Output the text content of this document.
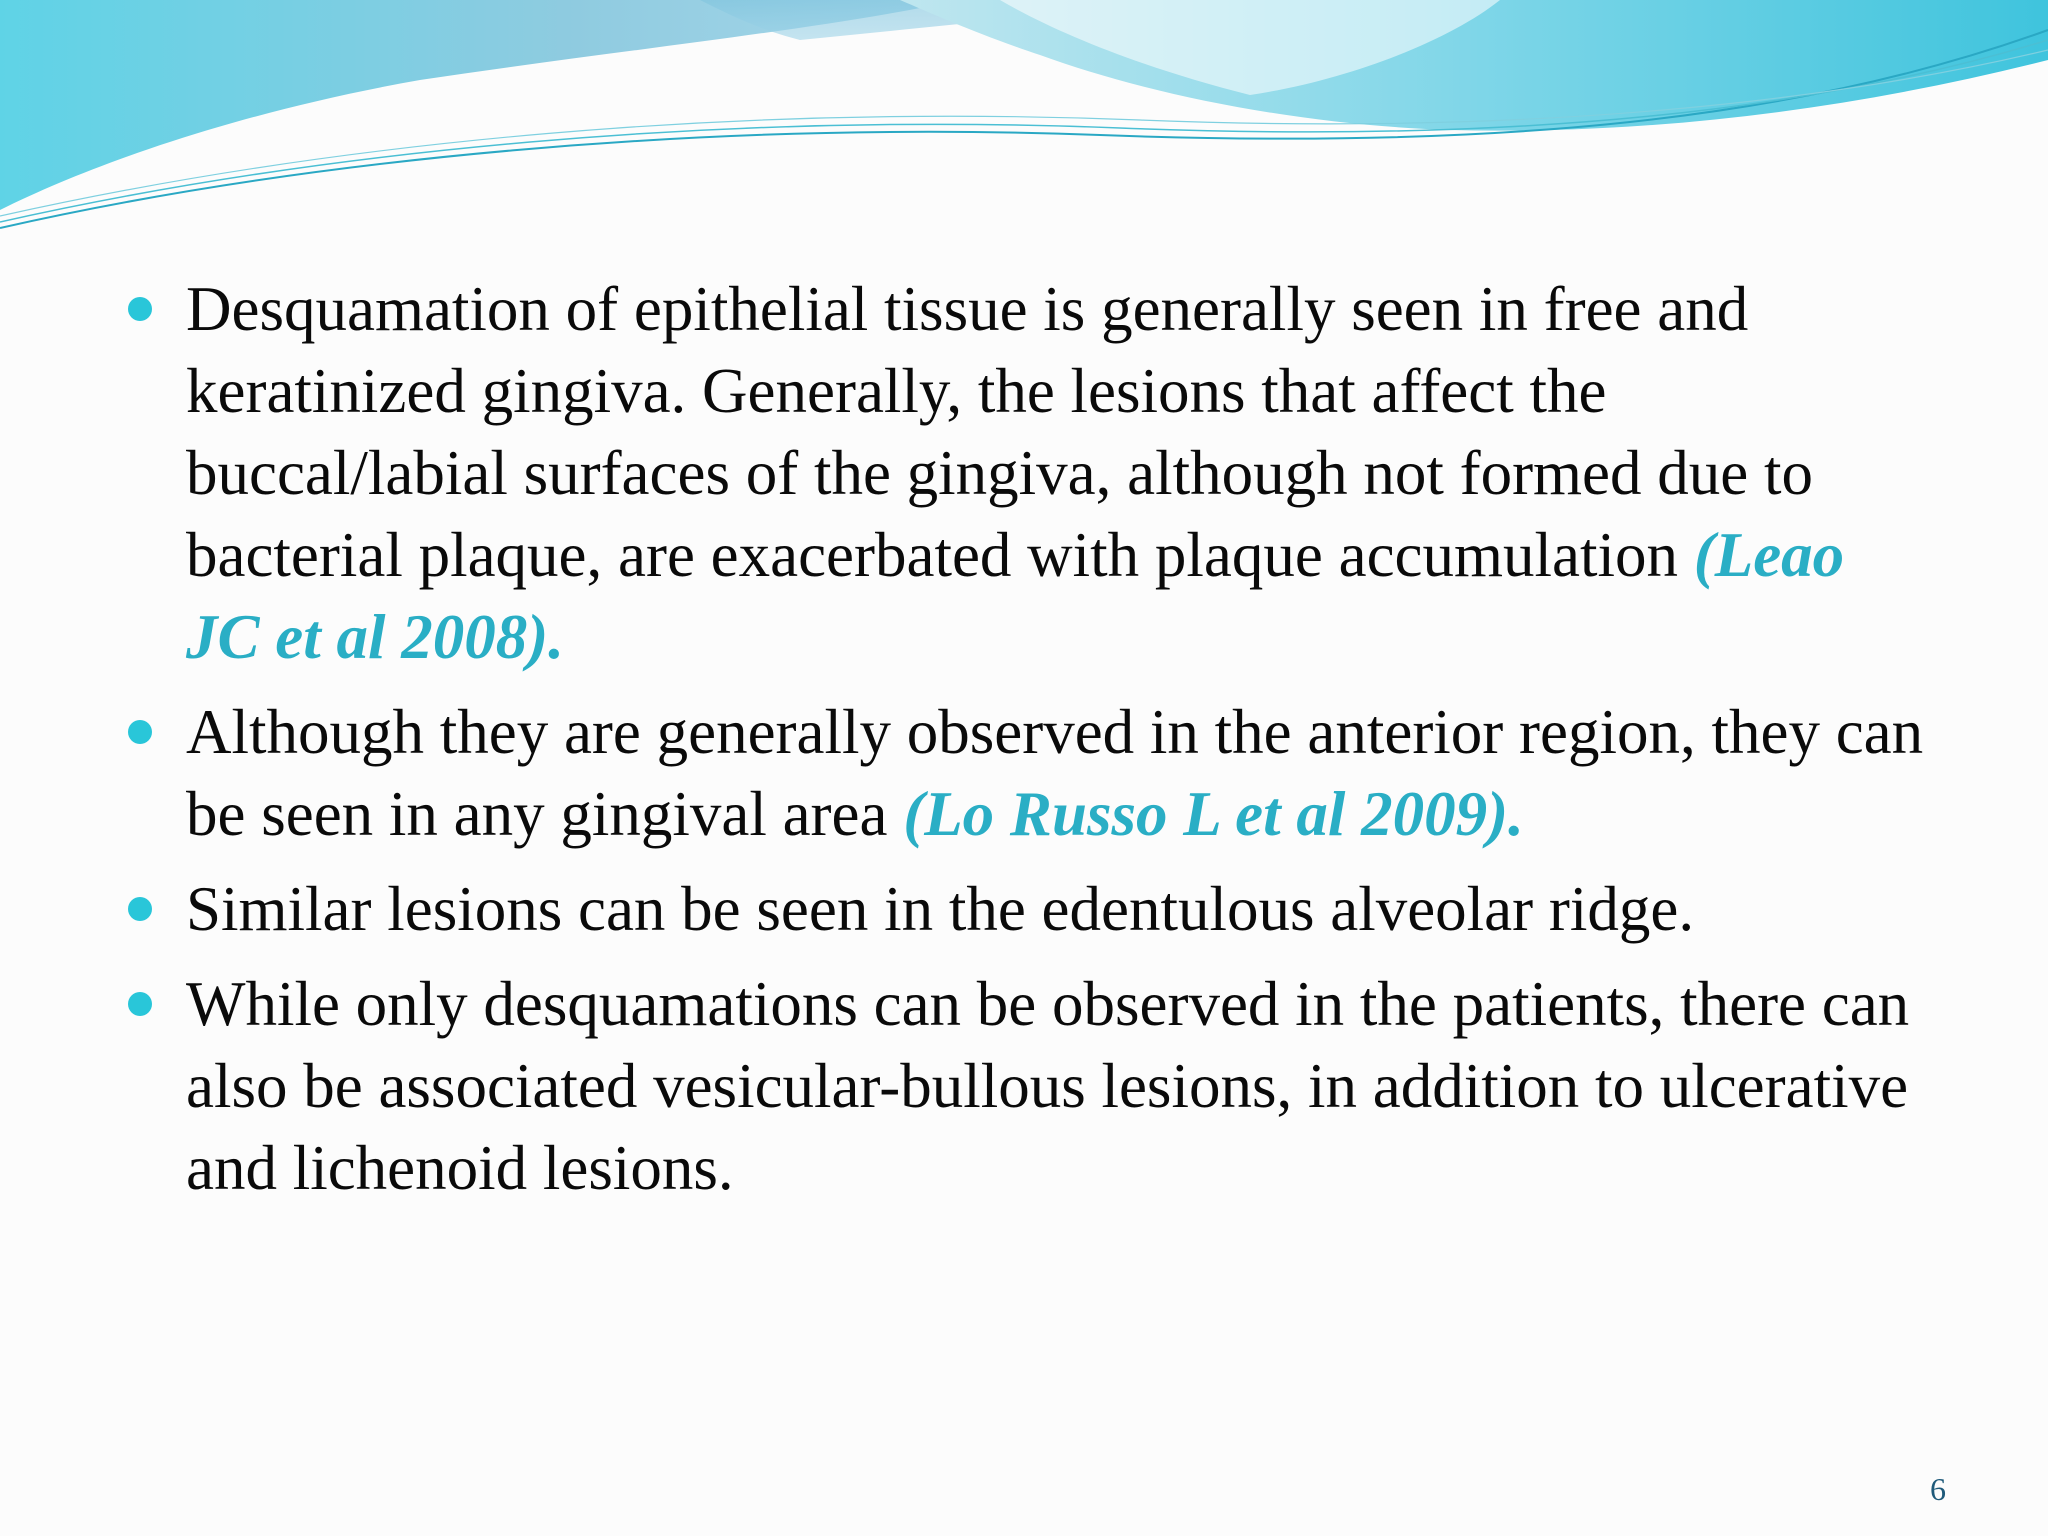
Desquamation of epithelial tissue is generally seen in free and keratinized gingiva. Generally, the lesions that affect the buccal/labial surfaces of the gingiva, although not formed due to bacterial plaque, are exacerbated with plaque accumulation (Leao JC et al 2008).
Although they are generally observed in the anterior region, they can be seen in any gingival area (Lo Russo L et al 2009).
Similar lesions can be seen in the edentulous alveolar ridge.
While only desquamations can be observed in the patients, there can also be associated vesicular-bullous lesions, in addition to ulcerative and lichenoid lesions.
6
